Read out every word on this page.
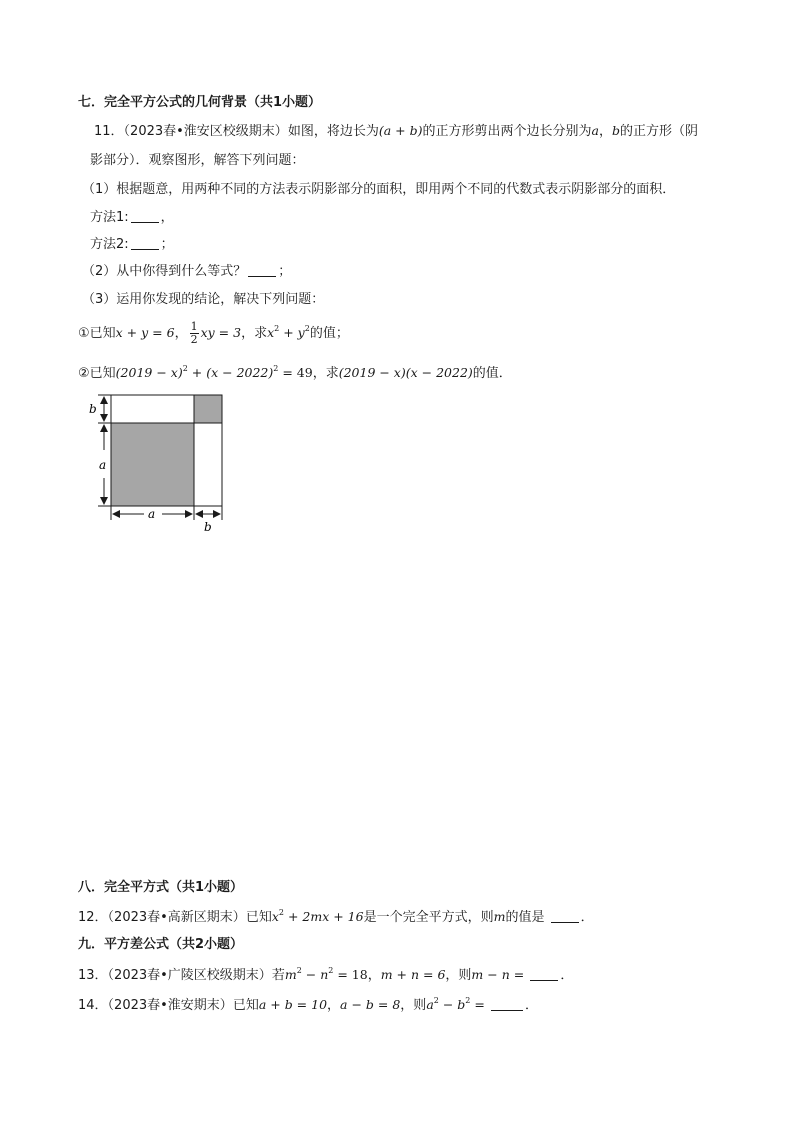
七．完全平方公式的几何背景（共1小题）
11．（2023春•淮安区校级期末）如图，将边长为(a + b)的正方形剪出两个边长分别为a，b的正方形（阴
影部分）．观察图形，解答下列问题：
（1）根据题意，用两种不同的方法表示阴影部分的面积，即用两个不同的代数式表示阴影部分的面积．
方法1: ，
方法2: ；
（2）从中你得到什么等式？ ；
（3）运用你发现的结论，解决下列问题：
①已知x + y = 6， $\frac{1}{2}$ xy = 3，求$x^2 + y^2$的值；
②已知$(2019 - x)^2 + (x - 2022)^2 = 49$，求(2019 − x)(x − 2022)的值．
b
a
a
b
八．完全平方式（共1小题）
12．（2023春•高新区期末）已知$x^2 + 2mx + 16$是一个完全平方式，则m的值是	．
九．平方差公式（共2小题）
13．（2023春•广陵区校级期末）若$m^2 - n^2 = 18$，m + n = 6，则m − n =	．
14．（2023春•淮安期末）已知a + b = 10，a − b = 8，则$a^2 - b^2$ =	．
